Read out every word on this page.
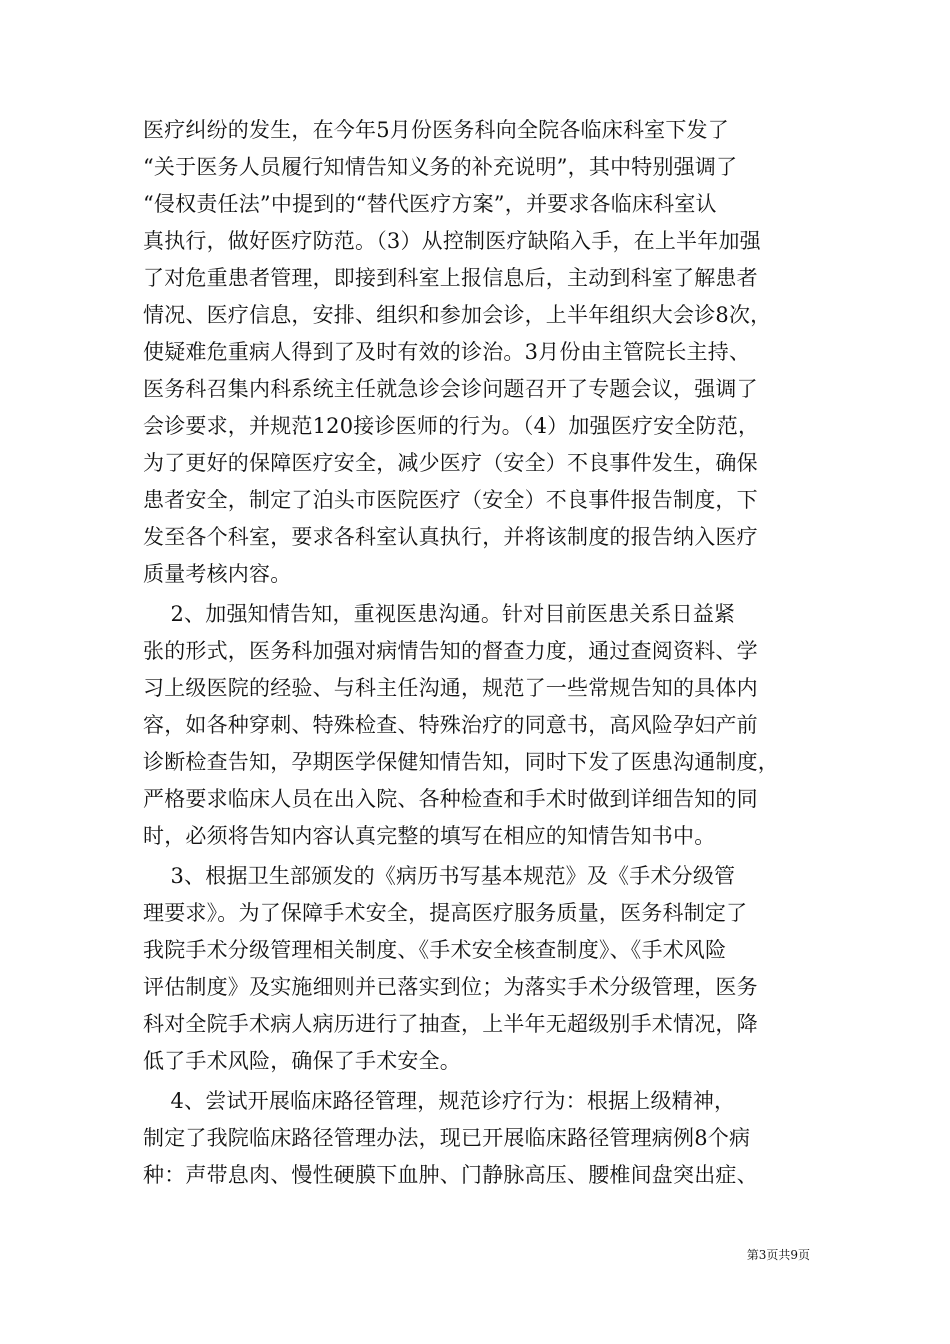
医疗纠纷的发生，在今年5月份医务科向全院各临床科室下发了
“关于医务人员履行知情告知义务的补充说明”，其中特别强调了
“侵权责任法”中提到的“替代医疗方案”，并要求各临床科室认
真执行，做好医疗防范。（3）从控制医疗缺陷入手，在上半年加强
了对危重患者管理，即接到科室上报信息后，主动到科室了解患者
情况、医疗信息，安排、组织和参加会诊，上半年组织大会诊8次，
使疑难危重病人得到了及时有效的诊治。3月份由主管院长主持、
医务科召集内科系统主任就急诊会诊问题召开了专题会议，强调了
会诊要求，并规范120接诊医师的行为。（4）加强医疗安全防范，
为了更好的保障医疗安全，减少医疗（安全）不良事件发生，确保
患者安全，制定了泊头市医院医疗（安全）不良事件报告制度，下
发至各个科室，要求各科室认真执行，并将该制度的报告纳入医疗
质量考核内容。
2、加强知情告知，重视医患沟通。针对目前医患关系日益紧
张的形式，医务科加强对病情告知的督查力度，通过查阅资料、学
习上级医院的经验、与科主任沟通，规范了一些常规告知的具体内
容，如各种穿刺、特殊检查、特殊治疗的同意书，高风险孕妇产前
诊断检查告知，孕期医学保健知情告知，同时下发了医患沟通制度，
严格要求临床人员在出入院、各种检查和手术时做到详细告知的同
时，必须将告知内容认真完整的填写在相应的知情告知书中。
3、根据卫生部颁发的《病历书写基本规范》及《手术分级管
理要求》。为了保障手术安全，提高医疗服务质量，医务科制定了
我院手术分级管理相关制度、《手术安全核查制度》、《手术风险
评估制度》及实施细则并已落实到位；为落实手术分级管理，医务
科对全院手术病人病历进行了抽查，上半年无超级别手术情况，降
低了手术风险，确保了手术安全。
4、尝试开展临床路径管理，规范诊疗行为：根据上级精神，
制定了我院临床路径管理办法，现已开展临床路径管理病例8个病
种：声带息肉、慢性硬膜下血肿、门静脉高压、腰椎间盘突出症、
第3页共9页
